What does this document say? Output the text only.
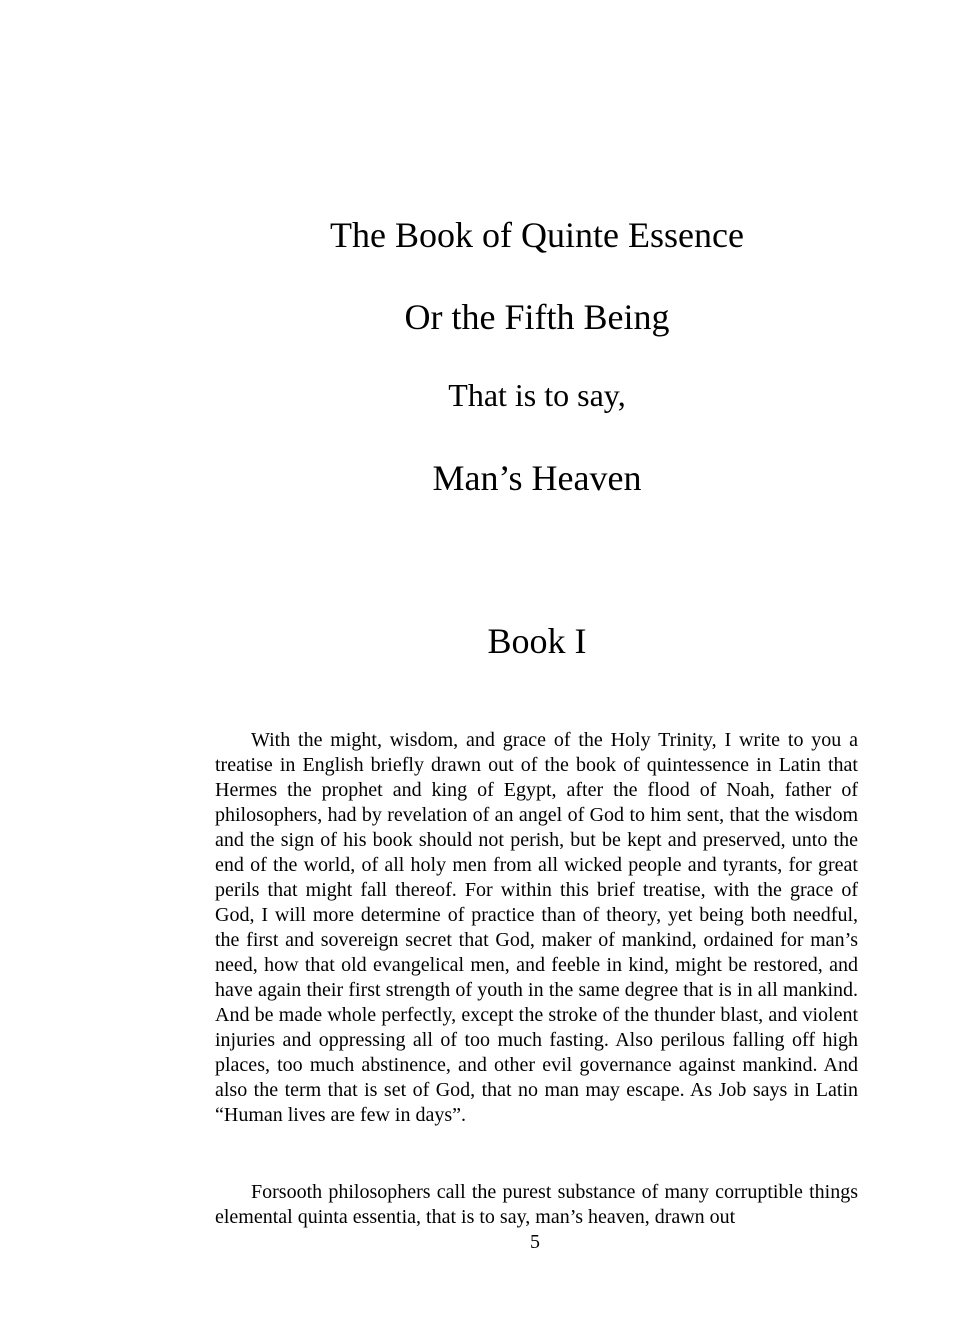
The Book of Quinte Essence
Or the Fifth Being
That is to say,
Man’s Heaven
Book I

With the might, wisdom, and grace of the Holy Trinity, I write to you a treatise in English briefly drawn out of the book of quintessence in Latin that Hermes the prophet and king of Egypt, after the flood of Noah, father of philosophers, had by revelation of an angel of God to him sent, that the wisdom and the sign of his book should not perish, but be kept and preserved, unto the end of the world, of all holy men from all wicked people and tyrants, for great perils that might fall thereof. For within this brief treatise, with the grace of God, I will more determine of practice than of theory, yet being both needful, the first and sovereign secret that God, maker of mankind, ordained for man’s need, how that old evangelical men, and feeble in kind, might be restored, and have again their first strength of youth in the same degree that is in all mankind. And be made whole perfectly, except the stroke of the thunder blast, and violent injuries and oppressing all of too much fasting. Also perilous falling off high places, too much abstinence, and other evil governance against mankind. And also the term that is set of God, that no man may escape. As Job says in Latin “Human lives are few in days”.

Forsooth philosophers call the purest substance of many corruptible things elemental quinta essentia, that is to say, man’s heaven, drawn out

5
